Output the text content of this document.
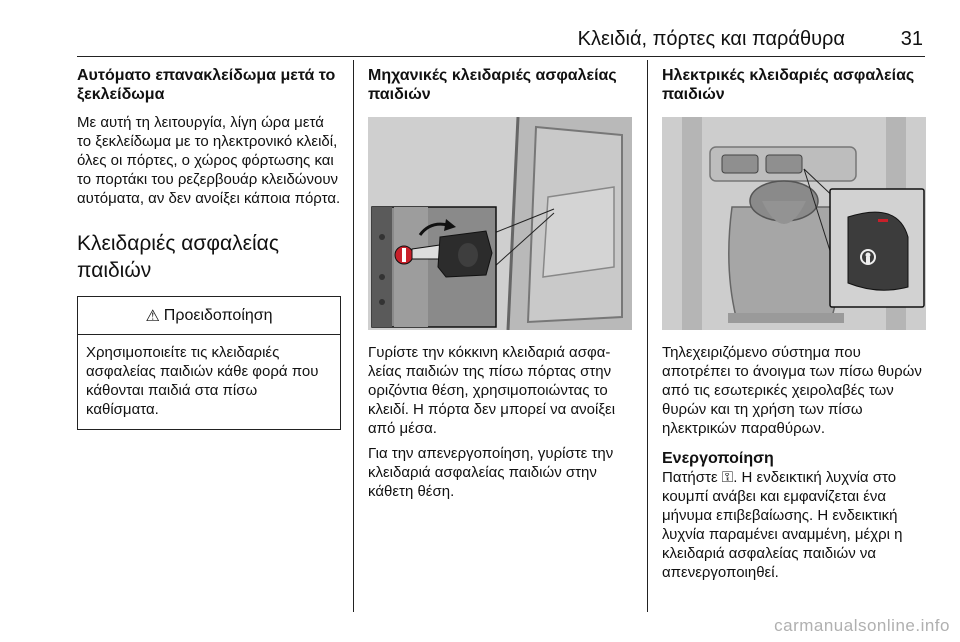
Κλειδιά, πόρτες και παράθυρα	31
Αυτόματο επανακλείδωμα μετά το ξεκλείδωμα

Με αυτή τη λειτουργία, λίγη ώρα μετά το ξεκλείδωμα με το ηλεκτρονικό κλειδί, όλες οι πόρτες, ο χώρος φόρτωσης και το πορτάκι του ρεζερβουάρ κλειδώνουν αυτόματα, αν δεν ανοίξει κάποια πόρτα.

Κλειδαριές ασφαλείας παιδιών
⚠ Προειδοποίηση
Χρησιμοποιείτε τις κλειδαριές ασφαλείας παιδιών κάθε φορά που κάθονται παιδιά στα πίσω καθίσματα.
Μηχανικές κλειδαριές ασφαλείας παιδιών

Γυρίστε την κόκκινη κλειδαριά ασφαλείας παιδιών της πίσω πόρτας στην οριζόντια θέση, χρησιμοποιώντας το κλειδί. Η πόρτα δεν μπορεί να ανοίξει από μέσα.

Για την απενεργοποίηση, γυρίστε την κλειδαριά ασφαλείας παιδιών στην κάθετη θέση.

Ηλεκτρικές κλειδαριές ασφαλείας παιδιών

Τηλεχειριζόμενο σύστημα που αποτρέπει το άνοιγμα των πίσω θυρών από τις εσωτερικές χειρολαβές των θυρών και τη χρήση των πίσω ηλεκτρικών παραθύρων.

Ενεργοποίηση

Πατήστε ⚿. Η ενδεικτική λυχνία στο κουμπί ανάβει και εμφανίζεται ένα μήνυμα επιβεβαίωσης. Η ενδεικτική λυχνία παραμένει αναμμένη, μέχρι η κλειδαριά ασφαλείας παιδιών να απενεργοποιηθεί.

carmanualsonline.info
